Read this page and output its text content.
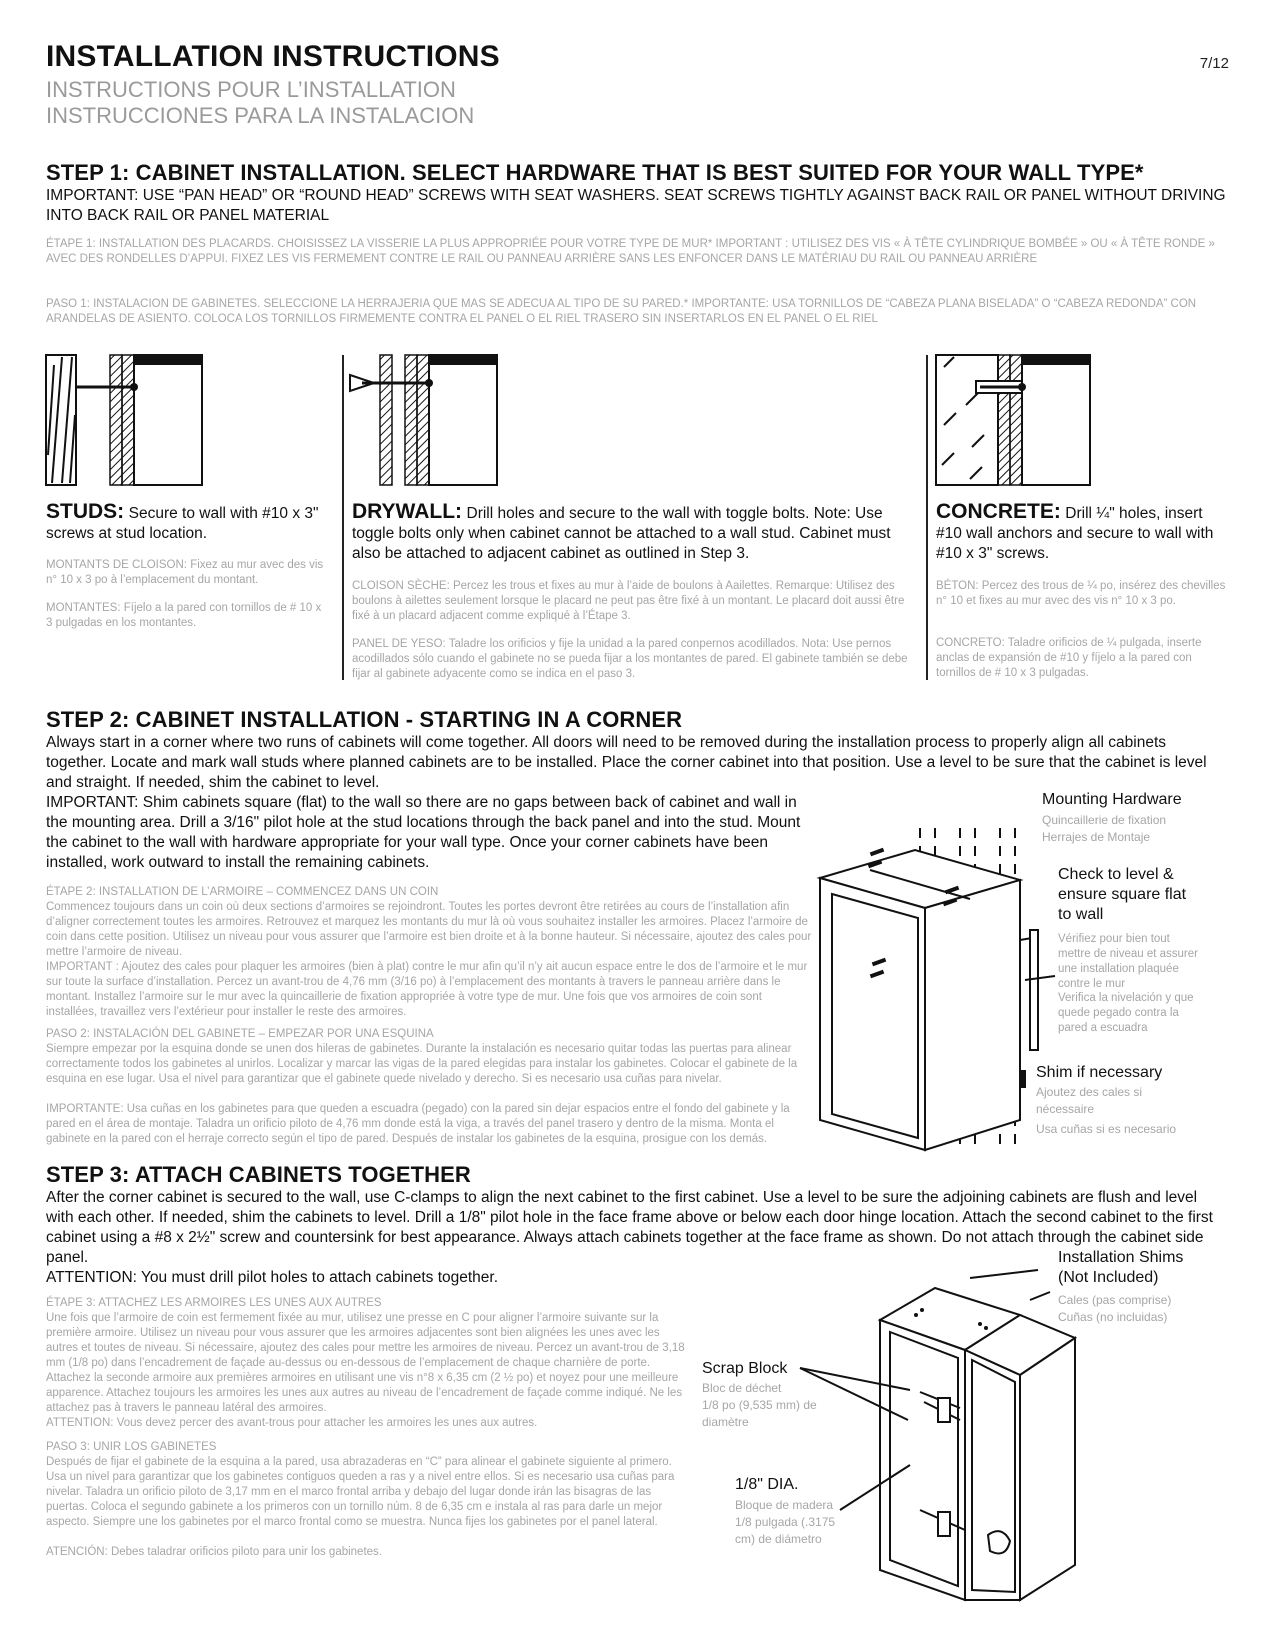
INSTALLATION INSTRUCTIONS
INSTRUCTIONS POUR L’INSTALLATION
INSTRUCCIONES PARA LA INSTALACION
7/12
STEP 1: CABINET INSTALLATION. SELECT HARDWARE THAT IS BEST SUITED FOR YOUR WALL TYPE*
IMPORTANT: USE “PAN HEAD” OR “ROUND HEAD” SCREWS WITH SEAT WASHERS. SEAT SCREWS TIGHTLY AGAINST BACK RAIL OR PANEL WITHOUT DRIVING INTO BACK RAIL OR PANEL MATERIAL
ÉTAPE 1: INSTALLATION DES PLACARDS. CHOISISSEZ LA VISSERIE LA PLUS APPROPRIÉE POUR VOTRE TYPE DE MUR* IMPORTANT : UTILISEZ DES VIS « À TÊTE CYLINDRIQUE BOMBÉE » OU « À TÊTE RONDE » AVEC DES RONDELLES D’APPUI. FIXEZ LES VIS FERMEMENT CONTRE LE RAIL OU PANNEAU ARRIÈRE SANS LES ENFONCER DANS LE MATÉRIAU DU RAIL OU PANNEAU ARRIÈRE
PASO 1: INSTALACION DE GABINETES. SELECCIONE LA HERRAJERIA QUE MAS SE ADECUA AL TIPO DE SU PARED.* IMPORTANTE: USA TORNILLOS DE “CABEZA PLANA BISELADA” O “CABEZA REDONDA” CON ARANDELAS DE ASIENTO. COLOCA LOS TORNILLOS FIRMEMENTE CONTRA EL PANEL O EL RIEL TRASERO SIN INSERTARLOS EN EL PANEL O EL RIEL
STUDS: Secure to wall with #10 x 3" screws at stud location.
MONTANTS DE CLOISON: Fixez au mur avec des vis n° 10 x 3 po à l’emplacement du montant.
MONTANTES: Fíjelo a la pared con tornillos de # 10 x 3 pulgadas en los montantes.
DRYWALL: Drill holes and secure to the wall with toggle bolts. Note: Use toggle bolts only when cabinet cannot be attached to a wall stud. Cabinet must also be attached to adjacent cabinet as outlined in Step 3.
CLOISON SÈCHE: Percez les trous et fixes au mur à l’aide de boulons à Aailettes. Remarque: Utilisez des boulons à ailettes seulement lorsque le placard ne peut pas être fixé à un montant. Le placard doit aussi être fixé à un placard adjacent comme expliqué à l’Étape 3.
PANEL DE YESO: Taladre los orificios y fije la unidad a la pared conpernos acodillados. Nota: Use pernos acodillados sólo cuando el gabinete no se pueda fijar a los montantes de pared. El gabinete también se debe fijar al gabinete adyacente como se indica en el paso 3.
CONCRETE: Drill ¼" holes, insert #10 wall anchors and secure to wall with #10 x 3" screws.
BÉTON: Percez des trous de ¼ po, insérez des chevilles n° 10 et fixes au mur avec des vis n° 10 x 3 po.
CONCRETO: Taladre orificios de ¼ pulgada, inserte anclas de expansión de #10 y fíjelo a la pared con tornillos de # 10 x 3 pulgadas.
STEP 2: CABINET INSTALLATION - STARTING IN A CORNER
Always start in a corner where two runs of cabinets will come together. All doors will need to be removed during the installation process to properly align all cabinets together. Locate and mark wall studs where planned cabinets are to be installed. Place the corner cabinet into that position. Use a level to be sure that the cabinet is level and straight. If needed, shim the cabinet to level.
IMPORTANT: Shim cabinets square (flat) to the wall so there are no gaps between back of cabinet and wall in the mounting area. Drill a 3/16" pilot hole at the stud locations through the back panel and into the stud. Mount the cabinet to the wall with hardware appropriate for your wall type. Once your corner cabinets have been installed, work outward to install the remaining cabinets.
ÉTAPE 2: INSTALLATION DE L’ARMOIRE – COMMENCEZ DANS UN COIN
Commencez toujours dans un coin où deux sections d’armoires se rejoindront. Toutes les portes devront être retirées au cours de l’installation afin d’aligner correctement toutes les armoires. Retrouvez et marquez les montants du mur là où vous souhaitez installer les armoires. Placez l’armoire de coin dans cette position. Utilisez un niveau pour vous assurer que l’armoire est bien droite et à la bonne hauteur. Si nécessaire, ajoutez des cales pour mettre l’armoire de niveau.
IMPORTANT : Ajoutez des cales pour plaquer les armoires (bien à plat) contre le mur afin qu’il n’y ait aucun espace entre le dos de l’armoire et le mur sur toute la surface d’installation. Percez un avant-trou de 4,76 mm (3/16 po) à l’emplacement des montants à travers le panneau arrière dans le montant. Installez l’armoire sur le mur avec la quincaillerie de fixation appropriée à votre type de mur. Une fois que vos armoires de coin sont installées, travaillez vers l’extérieur pour installer le reste des armoires.
PASO 2: INSTALACIÓN DEL GABINETE – EMPEZAR POR UNA ESQUINA
Siempre empezar por la esquina donde se unen dos hileras de gabinetes. Durante la instalación es necesario quitar todas las puertas para alinear correctamente todos los gabinetes al unirlos. Localizar y marcar las vigas de la pared elegidas para instalar los gabinetes. Colocar el gabinete de la esquina en ese lugar. Usa el nivel para garantizar que el gabinete quede nivelado y derecho. Si es necesario usa cuñas para nivelar.
IMPORTANTE: Usa cuñas en los gabinetes para que queden a escuadra (pegado) con la pared sin dejar espacios entre el fondo del gabinete y la pared en el área de montaje. Taladra un orificio piloto de 4,76 mm donde está la viga, a través del panel trasero y dentro de la misma. Monta el gabinete en la pared con el herraje correcto según el tipo de pared. Después de instalar los gabinetes de la esquina, prosigue con los demás.
Mounting Hardware
Quincaillerie de fixation
Herrajes de Montaje
Check to level & ensure square flat to wall
Vérifiez pour bien tout mettre de niveau et assurer une installation plaquée contre le mur
Verifica la nivelación y que quede pegado contra la pared a escuadra
Shim if necessary
Ajoutez des cales si nécessaire
Usa cuñas si es necesario
STEP 3: ATTACH CABINETS TOGETHER
After the corner cabinet is secured to the wall, use C-clamps to align the next cabinet to the first cabinet. Use a level to be sure the adjoining cabinets are flush and level with each other. If needed, shim the cabinets to level. Drill a 1/8" pilot hole in the face frame above or below each door hinge location. Attach the second cabinet to the first cabinet using a #8 x 2½" screw and countersink for best appearance. Always attach cabinets together at the face frame as shown. Do not attach through the cabinet side panel.
ATTENTION: You must drill pilot holes to attach cabinets together.
ÉTAPE 3: ATTACHEZ LES ARMOIRES LES UNES AUX AUTRES
Une fois que l’armoire de coin est fermement fixée au mur, utilisez une presse en C pour aligner l’armoire suivante sur la première armoire. Utilisez un niveau pour vous assurer que les armoires adjacentes sont bien alignées les unes avec les autres et toutes de niveau. Si nécessaire, ajoutez des cales pour mettre les armoires de niveau. Percez un avant-trou de 3,18 mm (1/8 po) dans l’encadrement de façade au-dessus ou en-dessous de l’emplacement de chaque charnière de porte. Attachez la seconde armoire aux premières armoires en utilisant une vis n°8 x 6,35 cm (2 ½ po) et noyez pour une meilleure apparence. Attachez toujours les armoires les unes aux autres au niveau de l’encadrement de façade comme indiqué. Ne les attachez pas à travers le panneau latéral des armoires.
ATTENTION: Vous devez percer des avant-trous pour attacher les armoires les unes aux autres.
PASO 3: UNIR LOS GABINETES
Después de fijar el gabinete de la esquina a la pared, usa abrazaderas en “C” para alinear el gabinete siguiente al primero. Usa un nivel para garantizar que los gabinetes contiguos queden a ras y a nivel entre ellos. Si es necesario usa cuñas para nivelar. Taladra un orificio piloto de 3,17 mm en el marco frontal arriba y debajo del lugar donde irán las bisagras de las puertas. Coloca el segundo gabinete a los primeros con un tornillo núm. 8 de 6,35 cm e instala al ras para darle un mejor aspecto. Siempre une los gabinetes por el marco frontal como se muestra. Nunca fijes los gabinetes por el panel lateral.
ATENCIÓN: Debes taladrar orificios piloto para unir los gabinetes.
Installation Shims (Not Included)
Cales (pas comprise)
Cuñas (no incluidas)
Scrap Block
Bloc de déchet
1/8 po (9,535 mm) de diamètre
1/8" DIA.
Bloque de madera
1/8 pulgada (.3175 cm) de diámetro
